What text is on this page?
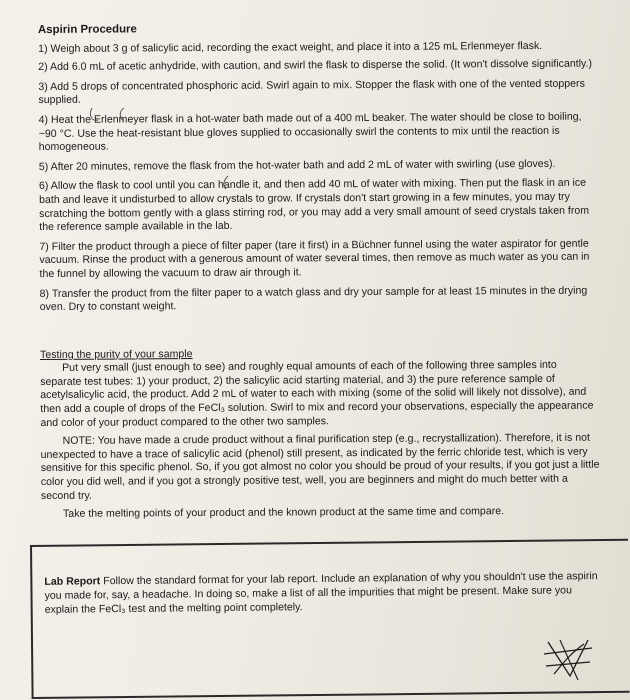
Aspirin Procedure
1) Weigh about 3 g of salicylic acid, recording the exact weight, and place it into a 125 mL Erlenmeyer flask.
2) Add 6.0 mL of acetic anhydride, with caution, and swirl the flask to disperse the solid. (It won't dissolve significantly.)
3) Add 5 drops of concentrated phosphoric acid. Swirl again to mix. Stopper the flask with one of the vented stoppers supplied.
4) Heat the Erlenmeyer flask in a hot-water bath made out of a 400 mL beaker. The water should be close to boiling, ~90 °C. Use the heat-resistant blue gloves supplied to occasionally swirl the contents to mix until the reaction is homogeneous.
5) After 20 minutes, remove the flask from the hot-water bath and add 2 mL of water with swirling (use gloves).
6) Allow the flask to cool until you can handle it, and then add 40 mL of water with mixing. Then put the flask in an ice bath and leave it undisturbed to allow crystals to grow. If crystals don't start growing in a few minutes, you may try scratching the bottom gently with a glass stirring rod, or you may add a very small amount of seed crystals taken from the reference sample available in the lab.
7) Filter the product through a piece of filter paper (tare it first) in a Büchner funnel using the water aspirator for gentle vacuum. Rinse the product with a generous amount of water several times, then remove as much water as you can in the funnel by allowing the vacuum to draw air through it.
8) Transfer the product from the filter paper to a watch glass and dry your sample for at least 15 minutes in the drying oven. Dry to constant weight.
Testing the purity of your sample
Put very small (just enough to see) and roughly equal amounts of each of the following three samples into separate test tubes: 1) your product, 2) the salicylic acid starting material, and 3) the pure reference sample of acetylsalicylic acid, the product. Add 2 mL of water to each with mixing (some of the solid will likely not dissolve), and then add a couple of drops of the FeCl₃ solution. Swirl to mix and record your observations, especially the appearance and color of your product compared to the other two samples.
NOTE: You have made a crude product without a final purification step (e.g., recrystallization). Therefore, it is not unexpected to have a trace of salicylic acid (phenol) still present, as indicated by the ferric chloride test, which is very sensitive for this specific phenol. So, if you got almost no color you should be proud of your results, if you got just a little color you did well, and if you got a strongly positive test, well, you are beginners and might do much better with a second try.
Take the melting points of your product and the known product at the same time and compare.
Lab Report Follow the standard format for your lab report. Include an explanation of why you shouldn't use the aspirin you made for, say, a headache. In doing so, make a list of all the impurities that might be present. Make sure you explain the FeCl₃ test and the melting point completely.
